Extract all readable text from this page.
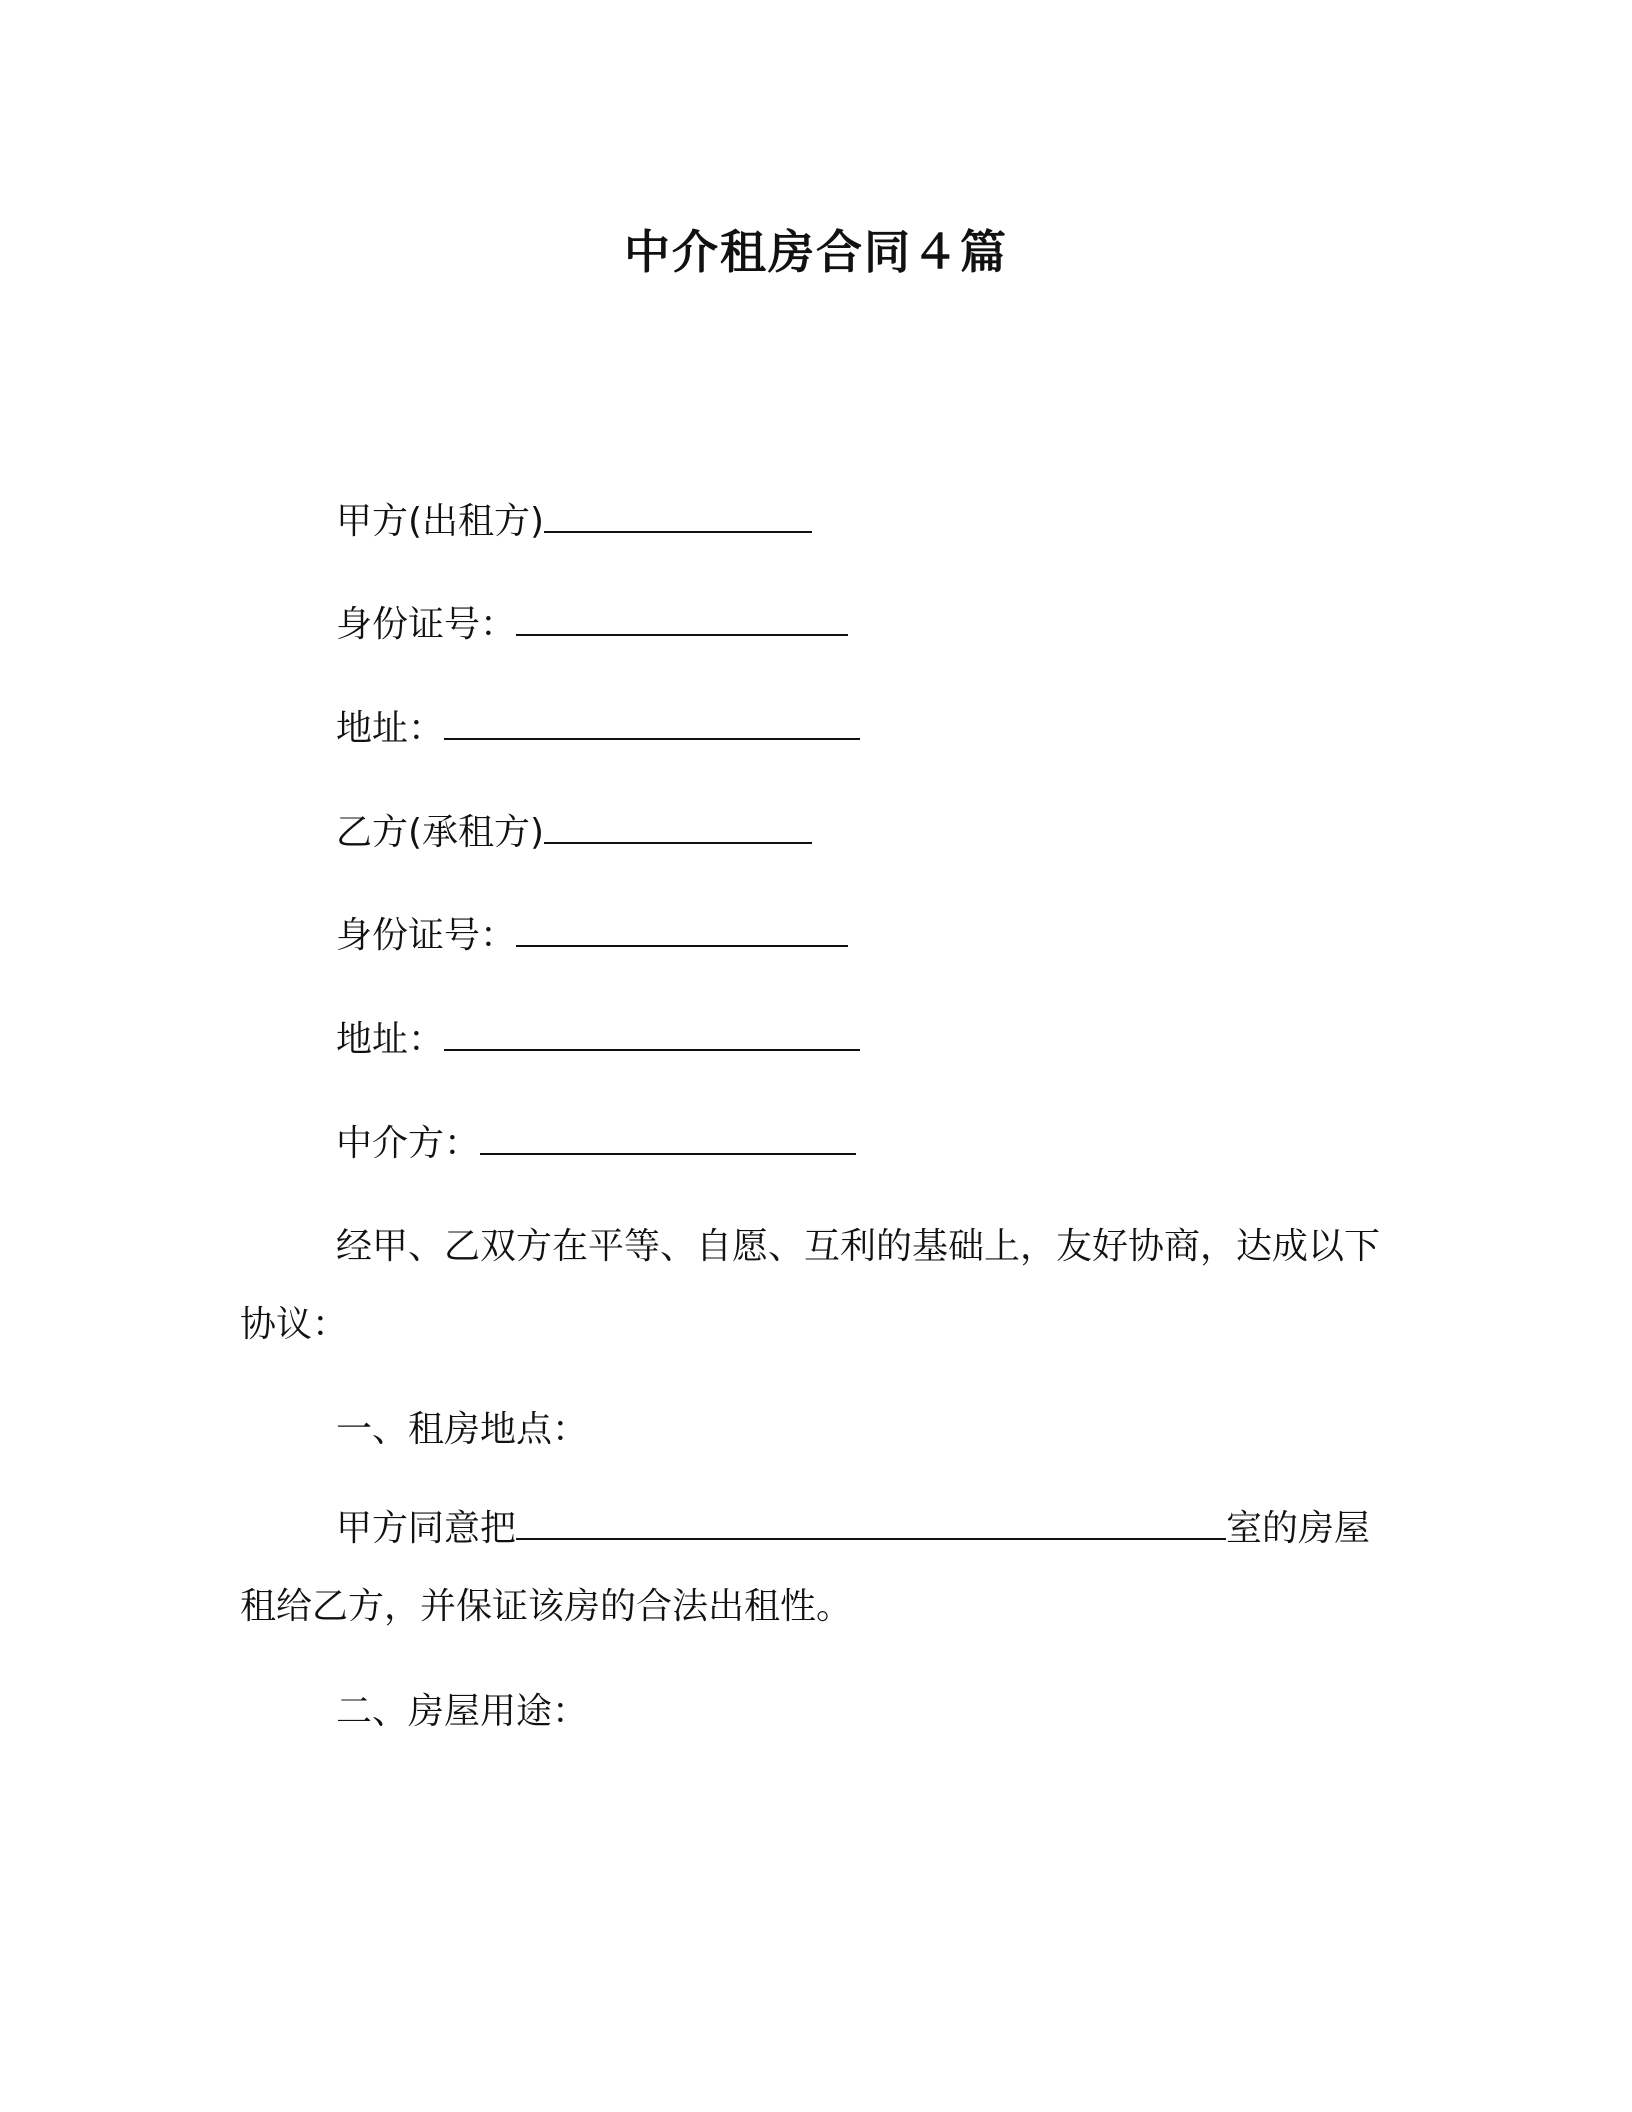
中介租房合同４篇
甲方(出租方)
身份证号：
地址：
乙方(承租方)
身份证号：
地址：
中介方：
经甲、乙双方在平等、自愿、互利的基础上，友好协商，达成以下协议：
一、租房地点：
甲方同意把	室的房屋租给乙方，并保证该房的合法出租性。
二、房屋用途：
